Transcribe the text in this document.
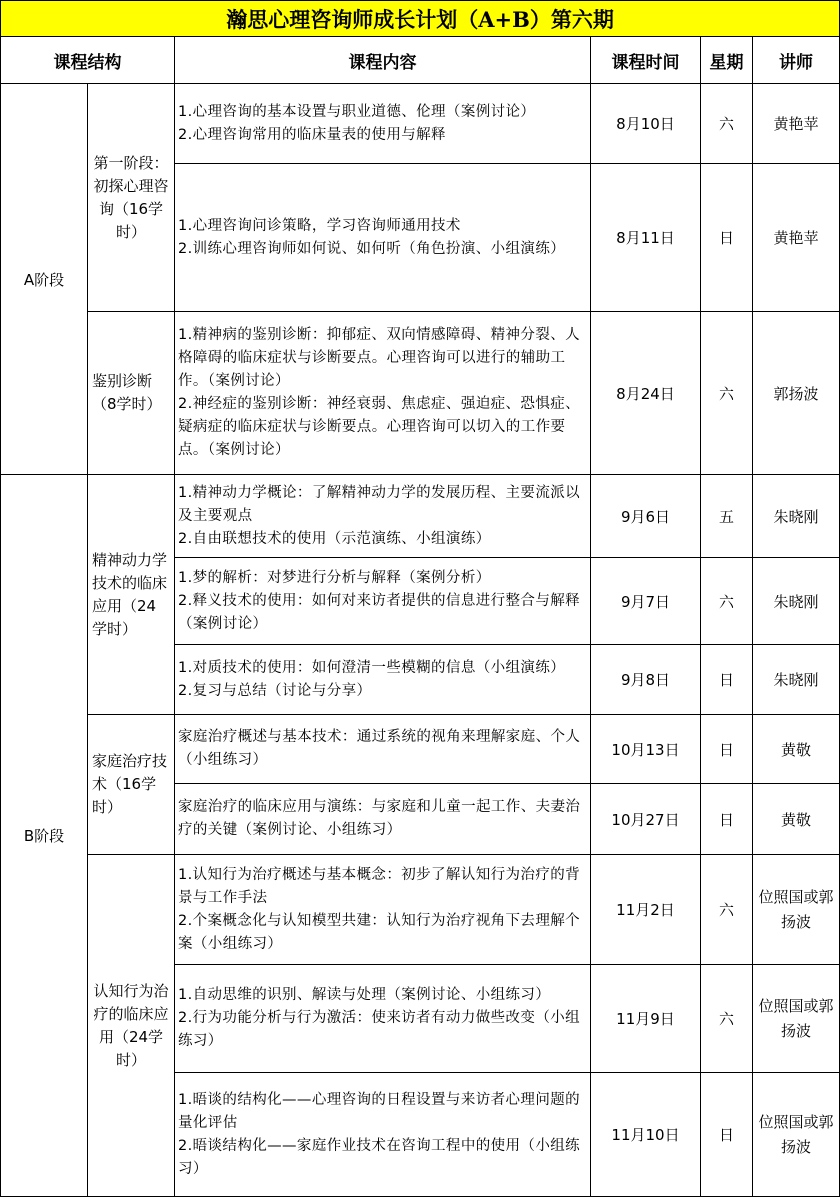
瀚思心理咨询师成长计划（A+B）第六期					
课程结构		课程内容	课程时间	星期	讲师
A阶段	第一阶段：初探心理咨询（16学时）	1.心理咨询的基本设置与职业道德、伦理（案例讨论）
2.心理咨询常用的临床量表的使用与解释	8月10日	六	黄艳苹

		1.心理咨询问诊策略，学习咨询师通用技术
2.训练心理咨询师如何说、如何听（角色扮演、小组演练）	8月11日	日	黄艳苹
	鉴别诊断（8学时）	1.精神病的鉴别诊断：抑郁症、双向情感障碍、精神分裂、人格障碍的临床症状与诊断要点。心理咨询可以进行的辅助工作。（案例讨论）
2.神经症的鉴别诊断：神经衰弱、焦虑症、强迫症、恐惧症、疑病症的临床症状与诊断要点。心理咨询可以切入的工作要点。（案例讨论）	8月24日	六	郭扬波
B阶段	精神动力学技术的临床应用（24学时）	1.精神动力学概论：了解精神动力学的发展历程、主要流派以及主要观点
2.自由联想技术的使用（示范演练、小组演练）	9月6日	五	朱晓刚

		1.梦的解析：对梦进行分析与解释（案例分析）
2.释义技术的使用：如何对来访者提供的信息进行整合与解释（案例讨论）	9月7日	六	朱晓刚

		1.对质技术的使用：如何澄清一些模糊的信息（小组演练）
2.复习与总结（讨论与分享）	9月8日	日	朱晓刚
	家庭治疗技术（16学时）	家庭治疗概述与基本技术：通过系统的视角来理解家庭、个人（小组练习）	10月13日	日	黄敬

		家庭治疗的临床应用与演练：与家庭和儿童一起工作、夫妻治疗的关键（案例讨论、小组练习）	10月27日	日	黄敬
	认知行为治疗的临床应用（24学时）	1.认知行为治疗概述与基本概念：初步了解认知行为治疗的背景与工作手法
2.个案概念化与认知模型共建：认知行为治疗视角下去理解个案（小组练习）	11月2日	六	位照国或郭扬波

		1.自动思维的识别、解读与处理（案例讨论、小组练习）
2.行为功能分析与行为激活：使来访者有动力做些改变（小组练习）	11月9日	六	位照国或郭扬波

		1.晤谈的结构化——心理咨询的日程设置与来访者心理问题的量化评估
2.晤谈结构化——家庭作业技术在咨询工程中的使用（小组练习）	11月10日	日	位照国或郭扬波
